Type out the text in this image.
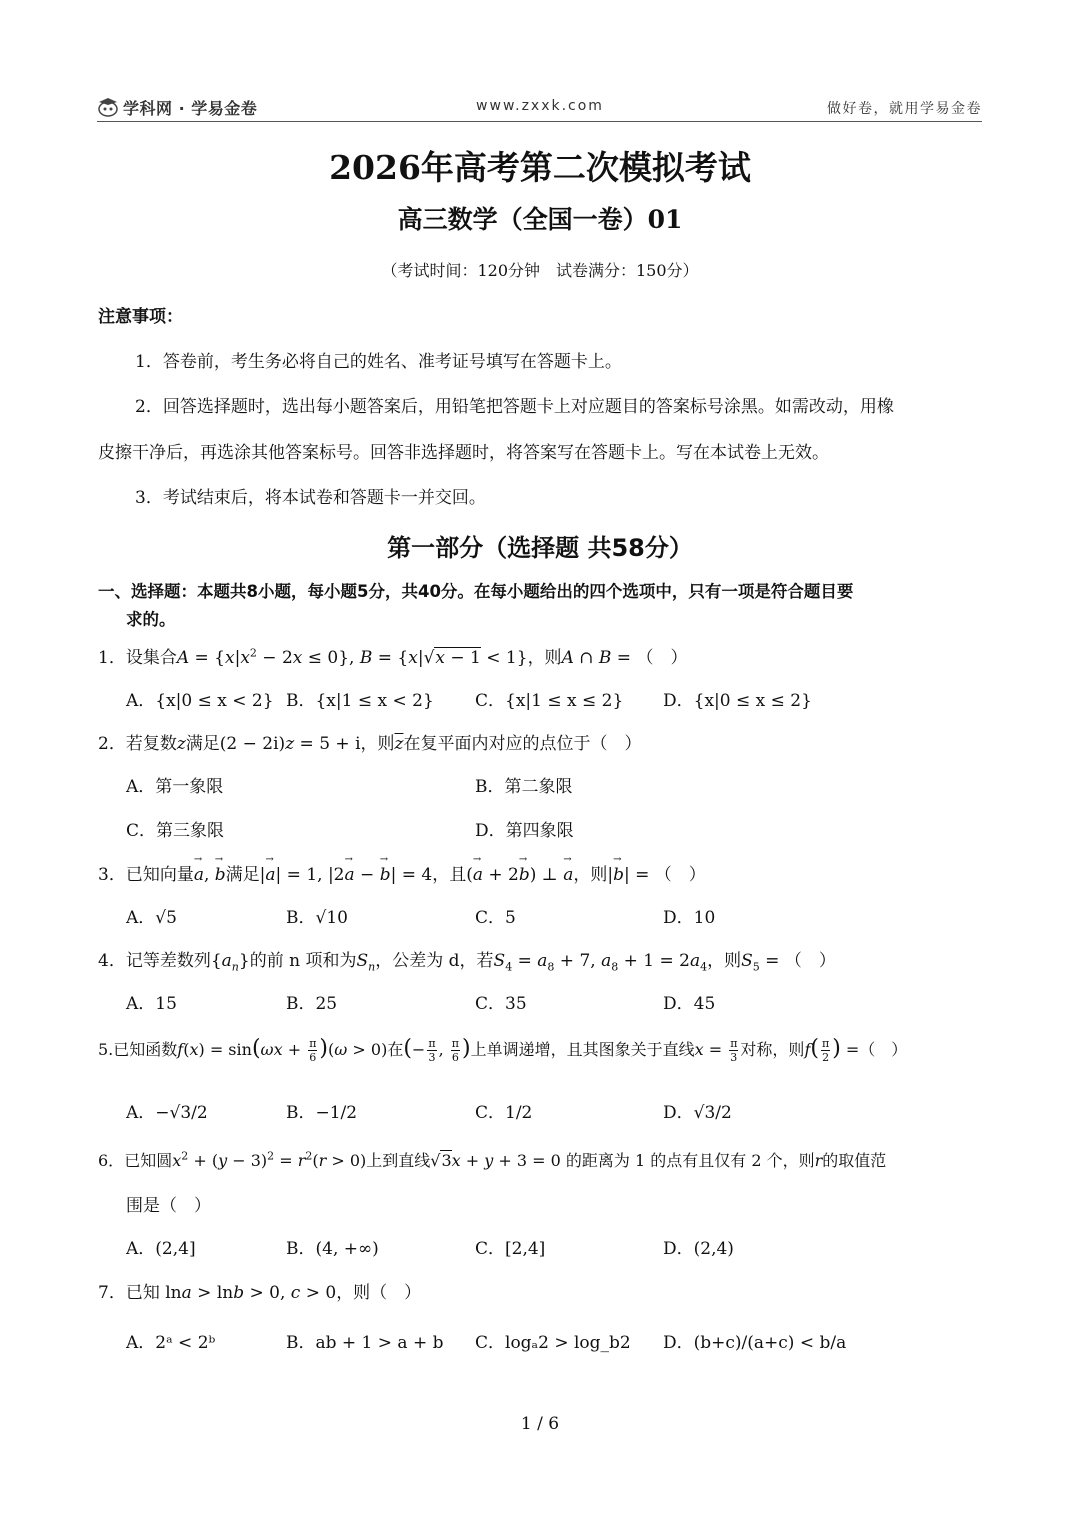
学科网 · 学易金卷	www.zxxk.com	做好卷，就用学易金卷
2026年高考第二次模拟考试
高三数学（全国一卷）01
（考试时间：120分钟　试卷满分：150分）
注意事项：
1．答卷前，考生务必将自己的姓名、准考证号填写在答题卡上。
2．回答选择题时，选出每小题答案后，用铅笔把答题卡上对应题目的答案标号涂黑。如需改动，用橡
皮擦干净后，再选涂其他答案标号。回答非选择题时，将答案写在答题卡上。写在本试卷上无效。
3．考试结束后，将本试卷和答题卡一并交回。
第一部分（选择题 共58分）
一、选择题：本题共8小题，每小题5分，共40分。在每小题给出的四个选项中，只有一项是符合题目要
求的。
1．设集合$A = \{x|x^2 - 2x \le 0\}$, B = {x|√x − 1 < 1}，则A ∩ B = （　）
A．{x|0 ≤ x < 2} B．{x|1 ≤ x < 2} C．{x|1 ≤ x ≤ 2} D．{x|0 ≤ x ≤ 2}
2．若复数z满足(2 − 2i)z = 5 + i，则$\overline{z}$在复平面内对应的点位于（　）
A．第一象限	B．第二象限
C．第三象限	D．第四象限
3．已知向量→ a, → b满足|→ a| = 1, |2→ a − → b| = 4，且(→ a + 2→ b) ⊥ → a，则|→ b| = （　）
A．√5	B．√10	C．5	D．10
4．记等差数列$\{a_n\}$的前 n 项和为$S_n$，公差为 d，若$S_4 = a_8 + 7$, $a_8 + 1 = 2a_4$，则$S_5$ = （　）
A．15	B．25	C．35	D．45
5.已知函数$f(x) = \sin(\omega x + \frac{\pi}{6} )(\omega > 0)$在(− $\frac{\pi}{3}$ , $\frac{\pi}{6}$ )上单调递增，且其图象关于直线$x = \frac{\pi}{3}$ 对称，则$f( \frac{\pi}{2}$ ) =（　）
A．−√3/2	B．−1/2	C．1/2	D．√3/2
6．已知圆$x^2 + (y - 3)^2 = r^2(r > 0)$上到直线√3x + y + 3 = 0 的距离为 1 的点有且仅有 2 个，则r的取值范
围是（　）
A．(2,4]	B．(4, +∞)	C．[2,4]	D．(2,4)
7．已知 lna > lnb > 0, c > 0，则（　）
A．2ᵃ < 2ᵇ	B．ab + 1 > a + b C．logₐ2 > log_b2 D．(b+c)/(a+c) < b/a
1 / 6
